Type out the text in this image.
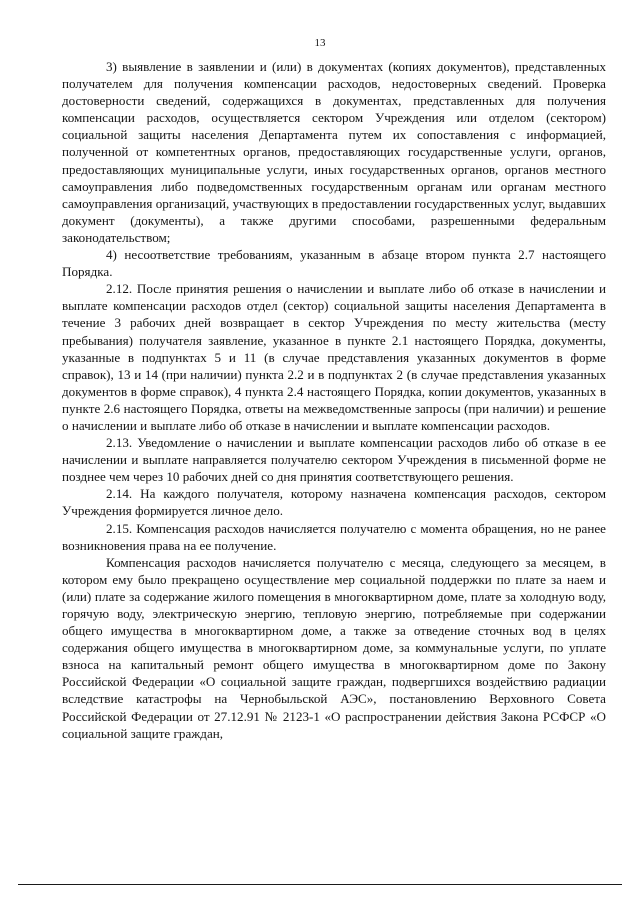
13

3) выявление в заявлении и (или) в документах (копиях документов), представленных получателем для получения компенсации расходов, недостоверных сведений. Проверка достоверности сведений, содержащихся в документах, представленных для получения компенсации расходов, осуществляется сектором Учреждения или отделом (сектором) социальной защиты населения Департамента путем их сопоставления с информацией, полученной от компетентных органов, предоставляющих государственные услуги, органов, предоставляющих муниципальные услуги, иных государственных органов, органов местного самоуправления либо подведомственных государственным органам или органам местного самоуправления организаций, участвующих в предоставлении государственных услуг, выдавших документ (документы), а также другими способами, разрешенными федеральным законодательством;

4) несоответствие требованиям, указанным в абзаце втором пункта 2.7 настоящего Порядка.

2.12. После принятия решения о начислении и выплате либо об отказе в начислении и выплате компенсации расходов отдел (сектор) социальной защиты населения Департамента в течение 3 рабочих дней возвращает в сектор Учреждения по месту жительства (месту пребывания) получателя заявление, указанное в пункте 2.1 настоящего Порядка, документы, указанные в подпунктах 5 и 11 (в случае представления указанных документов в форме справок), 13 и 14 (при наличии) пункта 2.2 и в подпунктах 2 (в случае представления указанных документов в форме справок), 4 пункта 2.4 настоящего Порядка, копии документов, указанных в пункте 2.6 настоящего Порядка, ответы на межведомственные запросы (при наличии) и решение о начислении и выплате либо об отказе в начислении и выплате компенсации расходов.

2.13. Уведомление о начислении и выплате компенсации расходов либо об отказе в ее начислении и выплате направляется получателю сектором Учреждения в письменной форме не позднее чем через 10 рабочих дней со дня принятия соответствующего решения.

2.14. На каждого получателя, которому назначена компенсация расходов, сектором Учреждения формируется личное дело.

2.15. Компенсация расходов начисляется получателю с момента обращения, но не ранее возникновения права на ее получение.

Компенсация расходов начисляется получателю с месяца, следующего за месяцем, в котором ему было прекращено осуществление мер социальной поддержки по плате за наем и (или) плате за содержание жилого помещения в многоквартирном доме, плате за холодную воду, горячую воду, электрическую энергию, тепловую энергию, потребляемые при содержании общего имущества в многоквартирном доме, а также за отведение сточных вод в целях содержания общего имущества в многоквартирном доме, за коммунальные услуги, по уплате взноса на капитальный ремонт общего имущества в многоквартирном доме по Закону Российской Федерации «О социальной защите граждан, подвергшихся воздействию радиации вследствие катастрофы на Чернобыльской АЭС», постановлению Верховного Совета Российской Федерации от 27.12.91 № 2123-1 «О распространении действия Закона РСФСР «О социальной защите граждан,
